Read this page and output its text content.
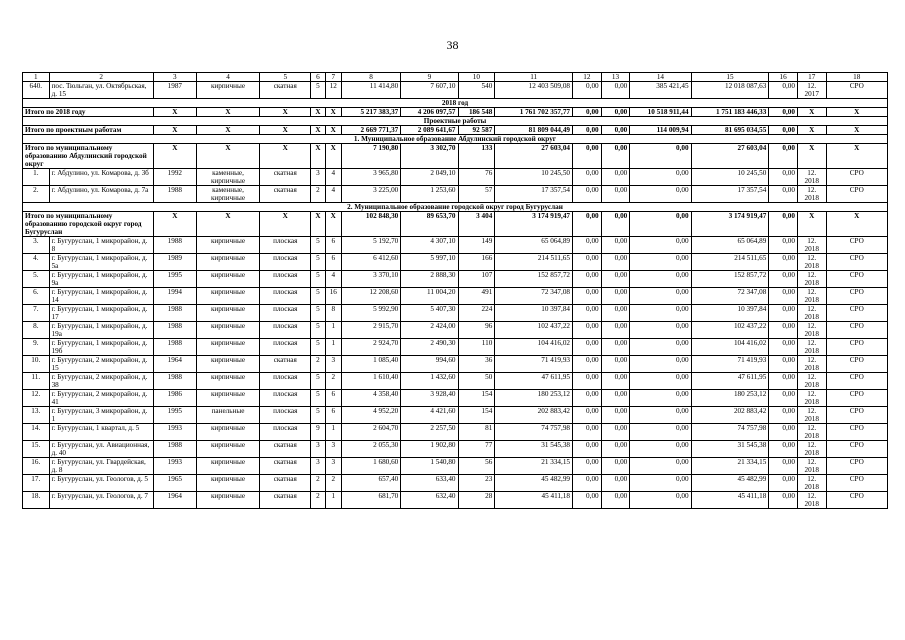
38
1	2	3	4	5	6	7	8	9	10	11	12	13	14	15	16	17	18
640.	пос. Тюльган, ул. Октябрьская, д. 15	1987	кирпичные	скатная	5	12	11 414,80	7 607,10	540	12 403 509,08	0,00	0,00	385 421,45	12 018 087,63	0,00	12. 2017	СРО
2018 год																	
Итого по 2018 году		X	X	X	X	X	5 217 383,37	4 206 097,57	186 548	1 761 702 357,77	0,00	0,00	10 518 911,44	1 751 183 446,33	0,00	X	X
Проектные работы																	
Итого по проектным работам		X	X	X	X	X	2 669 771,37	2 089 641,67	92 587	81 809 044,49	0,00	0,00	114 009,94	81 695 034,55	0,00	X	X
1. Муниципальное образование Абдулинский городской округ																	
Итого по муниципальному образованию Абдулинский городской округ		X	X	X	X	X	7 190,80	3 302,70	133	27 603,04	0,00	0,00	0,00	27 603,04	0,00	X	X
1.	г. Абдулино, ул. Комарова, д. 3б	1992	каменные, кирпичные	скатная	3	4	3 965,80	2 049,10	76	10 245,50	0,00	0,00	0,00	10 245,50	0,00	12. 2018	СРО
2.	г. Абдулино, ул. Комарова, д. 7а	1988	каменные, кирпичные	скатная	2	4	3 225,00	1 253,60	57	17 357,54	0,00	0,00	0,00	17 357,54	0,00	12. 2018	СРО
2. Муниципальное образование городской округ город Бугуруслан																	
Итого по муниципальному образованию городской округ город Бугуруслан		X	X	X	X	X	102 848,30	89 653,70	3 404	3 174 919,47	0,00	0,00	0,00	3 174 919,47	0,00	X	X
3.	г. Бугуруслан, 1 микрорайон, д. 8	1988	кирпичные	плоская	5	6	5 192,70	4 307,10	149	65 064,89	0,00	0,00	0,00	65 064,89	0,00	12. 2018	СРО
4.	г. Бугуруслан, 1 микрорайон, д. 5а	1989	кирпичные	плоская	5	6	6 412,60	5 997,10	166	214 511,65	0,00	0,00	0,00	214 511,65	0,00	12. 2018	СРО
5.	г. Бугуруслан, 1 микрорайон, д. 9а	1995	кирпичные	плоская	5	4	3 370,10	2 888,30	107	152 857,72	0,00	0,00	0,00	152 857,72	0,00	12. 2018	СРО
6.	г. Бугуруслан, 1 микрорайон, д. 14	1994	кирпичные	плоская	5	16	12 208,60	11 004,20	491	72 347,08	0,00	0,00	0,00	72 347,08	0,00	12. 2018	СРО
7.	г. Бугуруслан, 1 микрорайон, д. 17	1988	кирпичные	плоская	5	8	5 992,90	5 407,30	224	10 397,84	0,00	0,00	0,00	10 397,84	0,00	12. 2018	СРО
8.	г. Бугуруслан, 1 микрорайон, д. 19а	1988	кирпичные	плоская	5	1	2 915,70	2 424,00	96	102 437,22	0,00	0,00	0,00	102 437,22	0,00	12. 2018	СРО
9.	г. Бугуруслан, 1 микрорайон, д. 19б	1988	кирпичные	плоская	5	1	2 924,70	2 490,30	110	104 416,02	0,00	0,00	0,00	104 416,02	0,00	12. 2018	СРО
10.	г. Бугуруслан, 2 микрорайон, д. 15	1964	кирпичные	скатная	2	3	1 085,40	994,60	36	71 419,93	0,00	0,00	0,00	71 419,93	0,00	12. 2018	СРО
11.	г. Бугуруслан, 2 микрорайон, д. 38	1988	кирпичные	плоская	5	2	1 610,40	1 432,60	50	47 611,95	0,00	0,00	0,00	47 611,95	0,00	12. 2018	СРО
12.	г. Бугуруслан, 2 микрорайон, д. 41	1986	кирпичные	плоская	5	6	4 358,40	3 928,40	154	180 253,12	0,00	0,00	0,00	180 253,12	0,00	12. 2018	СРО
13.	г. Бугуруслан, 3 микрорайон, д. 1	1995	панельные	плоская	5	6	4 952,20	4 421,60	154	202 883,42	0,00	0,00	0,00	202 883,42	0,00	12. 2018	СРО
14.	г. Бугуруслан, 1 квартал, д. 5	1993	кирпичные	плоская	9	1	2 604,70	2 257,50	81	74 757,98	0,00	0,00	0,00	74 757,98	0,00	12. 2018	СРО
15.	г. Бугуруслан, ул. Авиационная, д. 40	1988	кирпичные	скатная	3	3	2 055,30	1 902,80	77	31 545,38	0,00	0,00	0,00	31 545,38	0,00	12. 2018	СРО
16.	г. Бугуруслан, ул. Гвардейская, д. 8	1993	кирпичные	скатная	3	3	1 680,60	1 540,80	56	21 334,15	0,00	0,00	0,00	21 334,15	0,00	12. 2018	СРО
17.	г. Бугуруслан, ул. Геологов, д. 5	1965	кирпичные	скатная	2	2	657,40	633,40	23	45 482,99	0,00	0,00	0,00	45 482,99	0,00	12. 2018	СРО
18.	г. Бугуруслан, ул. Геологов, д. 7	1964	кирпичные	скатная	2	1	681,70	632,40	28	45 411,18	0,00	0,00	0,00	45 411,18	0,00	12. 2018	СРО
